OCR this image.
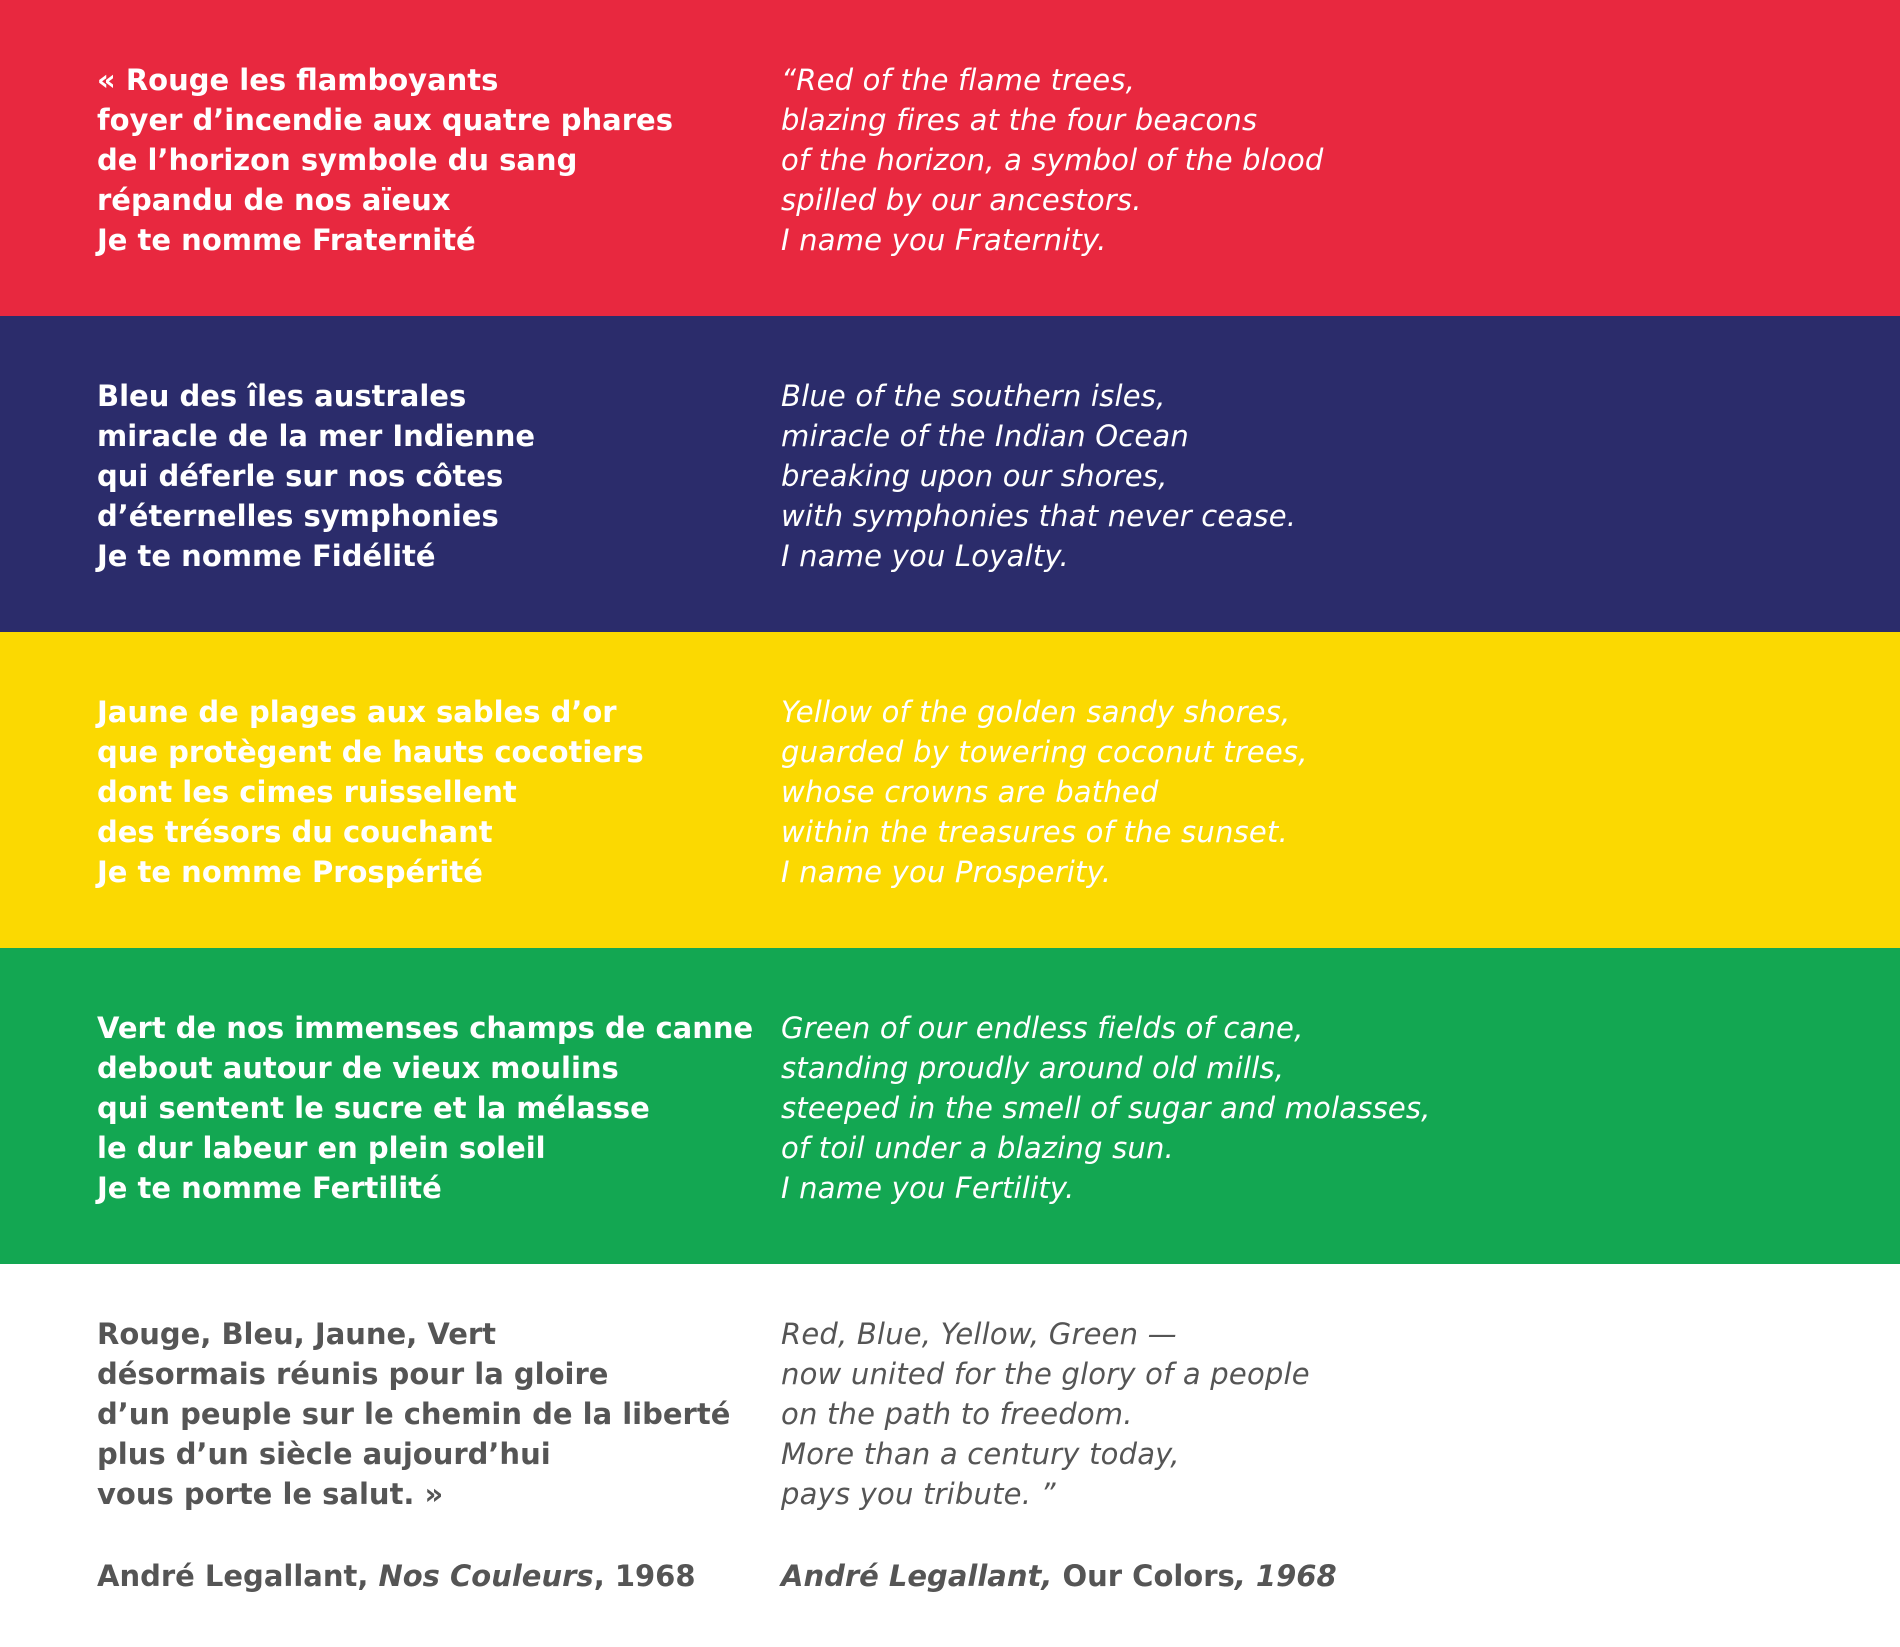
« Rouge les flamboyants
foyer d’incendie aux quatre phares
de l’horizon symbole du sang
répandu de nos aïeux
Je te nomme Fraternité
“Red of the flame trees,
blazing fires at the four beacons
of the horizon, a symbol of the blood
spilled by our ancestors.
I name you Fraternity.
Bleu des îles australes
miracle de la mer Indienne
qui déferle sur nos côtes
d’éternelles symphonies
Je te nomme Fidélité
Blue of the southern isles,
miracle of the Indian Ocean
breaking upon our shores,
with symphonies that never cease.
I name you Loyalty.
Jaune de plages aux sables d’or
que protègent de hauts cocotiers
dont les cimes ruissellent
des trésors du couchant
Je te nomme Prospérité
Yellow of the golden sandy shores,
guarded by towering coconut trees,
whose crowns are bathed
within the treasures of the sunset.
I name you Prosperity.
Vert de nos immenses champs de canne
debout autour de vieux moulins
qui sentent le sucre et la mélasse
le dur labeur en plein soleil
Je te nomme Fertilité
Green of our endless fields of cane,
standing proudly around old mills,
steeped in the smell of sugar and molasses,
of toil under a blazing sun.
I name you Fertility.
Rouge, Bleu, Jaune, Vert
désormais réunis pour la gloire
d’un peuple sur le chemin de la liberté
plus d’un siècle aujourd’hui
vous porte le salut. »
Red, Blue, Yellow, Green —
now united for the glory of a people
on the path to freedom.
More than a century today,
pays you tribute. ”
André Legallant, Nos Couleurs, 1968	André Legallant, Our Colors, 1968
